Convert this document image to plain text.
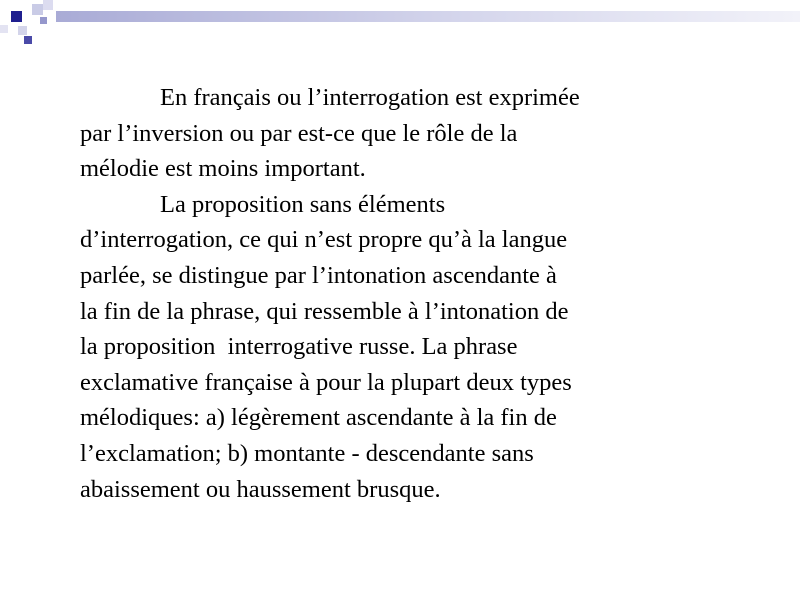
En français ou l’interrogation est exprimée
par l’inversion ou par est-ce que le rôle de la
mélodie est moins important.
La proposition sans éléments
d’interrogation, ce qui n’est propre qu’à la langue
parlée, se distingue par l’intonation ascendante à
la fin de la phrase, qui ressemble à l’intonation de
la proposition  interrogative russe. La phrase
exclamative française à pour la plupart deux types
mélodiques: a) légèrement ascendante à la fin de
l’exclamation; b) montante - descendante sans
abaissement ou haussement brusque.
